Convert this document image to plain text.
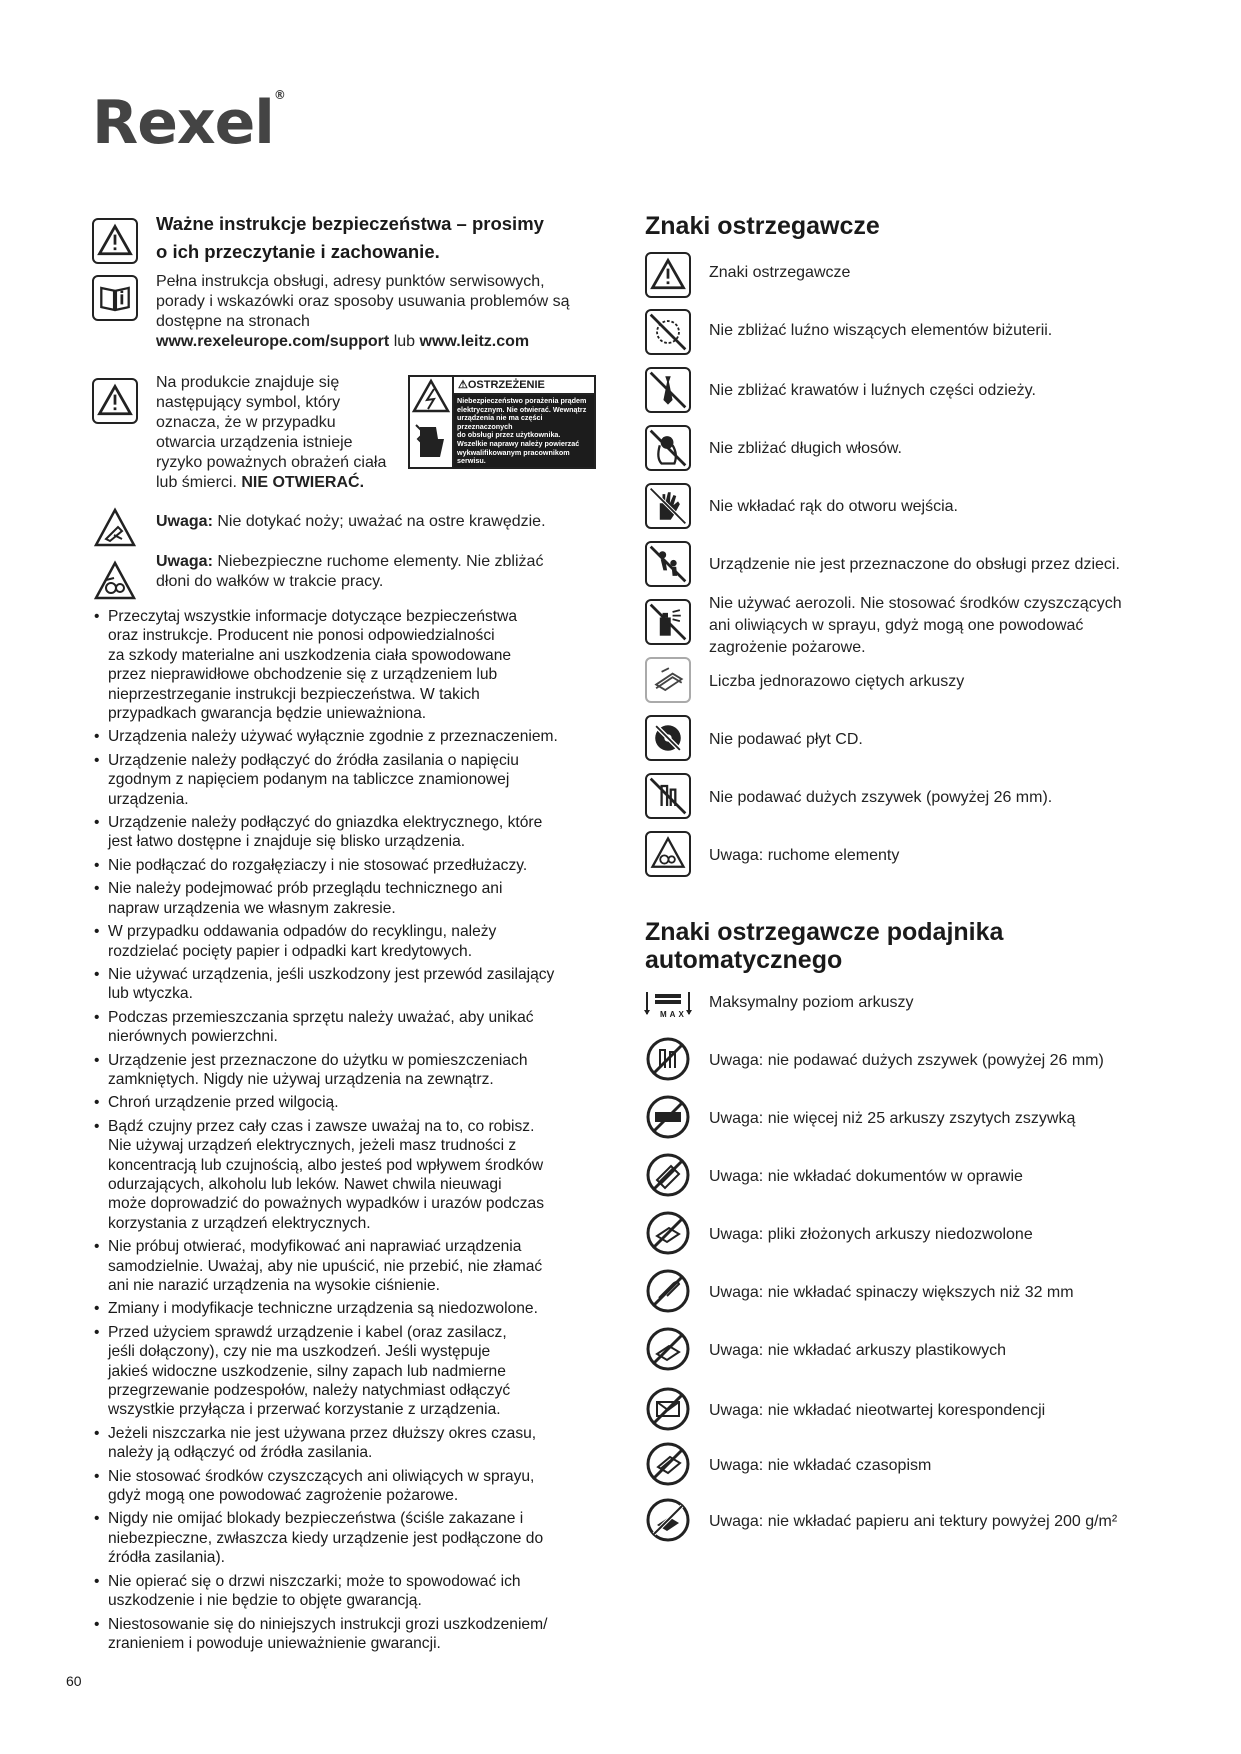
Rexel®
Ważne instrukcje bezpieczeństwa – prosimy
o ich przeczytanie i zachowanie.
Pełna instrukcja obsługi, adresy punktów serwisowych,
porady i wskazówki oraz sposoby usuwania problemów są
dostępne na stronach
www.rexeleurope.com/support lub www.leitz.com
Na produkcie znajduje się
następujący symbol, który
oznacza, że w przypadku
otwarcia urządzenia istnieje
ryzyko poważnych obrażeń ciała
lub śmierci. NIE OTWIERAĆ.
⚠OSTRZEŻENIE
Niebezpieczeństwo porażenia prądem
elektrycznym. Nie otwierać. Wewnątrz
urządzenia nie ma części przeznaczonych
do obsługi przez użytkownika.
Wszelkie naprawy należy powierzać
wykwalifikowanym pracownikom serwisu.
Uwaga: Nie dotykać noży; uważać na ostre krawędzie.
Uwaga: Niebezpieczne ruchome elementy. Nie zbliżać
dłoni do wałków w trakcie pracy.
• Przeczytaj wszystkie informacje dotyczące bezpieczeństwa
oraz instrukcje. Producent nie ponosi odpowiedzialności
za szkody materialne ani uszkodzenia ciała spowodowane
przez nieprawidłowe obchodzenie się z urządzeniem lub
nieprzestrzeganie instrukcji bezpieczeństwa. W takich
przypadkach gwarancja będzie unieważniona.
• Urządzenia należy używać wyłącznie zgodnie z przeznaczeniem.
• Urządzenie należy podłączyć do źródła zasilania o napięciu
zgodnym z napięciem podanym na tabliczce znamionowej
urządzenia.
• Urządzenie należy podłączyć do gniazdka elektrycznego, które
jest łatwo dostępne i znajduje się blisko urządzenia.
• Nie podłączać do rozgałęziaczy i nie stosować przedłużaczy.
• Nie należy podejmować prób przeglądu technicznego ani
napraw urządzenia we własnym zakresie.
• W przypadku oddawania odpadów do recyklingu, należy
rozdzielać pocięty papier i odpadki kart kredytowych.
• Nie używać urządzenia, jeśli uszkodzony jest przewód zasilający
lub wtyczka.
• Podczas przemieszczania sprzętu należy uważać, aby unikać
nierównych powierzchni.
• Urządzenie jest przeznaczone do użytku w pomieszczeniach
zamkniętych. Nigdy nie używaj urządzenia na zewnątrz.
• Chroń urządzenie przed wilgocią.
• Bądź czujny przez cały czas i zawsze uważaj na to, co robisz.
Nie używaj urządzeń elektrycznych, jeżeli masz trudności z
koncentracją lub czujnością, albo jesteś pod wpływem środków
odurzających, alkoholu lub leków. Nawet chwila nieuwagi
może doprowadzić do poważnych wypadków i urazów podczas
korzystania z urządzeń elektrycznych.
• Nie próbuj otwierać, modyfikować ani naprawiać urządzenia
samodzielnie. Uważaj, aby nie upuścić, nie przebić, nie złamać
ani nie narazić urządzenia na wysokie ciśnienie.
• Zmiany i modyfikacje techniczne urządzenia są niedozwolone.
• Przed użyciem sprawdź urządzenie i kabel (oraz zasilacz,
jeśli dołączony), czy nie ma uszkodzeń. Jeśli występuje
jakieś widoczne uszkodzenie, silny zapach lub nadmierne
przegrzewanie podzespołów, należy natychmiast odłączyć
wszystkie przyłącza i przerwać korzystanie z urządzenia.
• Jeżeli niszczarka nie jest używana przez dłuższy okres czasu,
należy ją odłączyć od źródła zasilania.
• Nie stosować środków czyszczących ani oliwiących w sprayu,
gdyż mogą one powodować zagrożenie pożarowe.
• Nigdy nie omijać blokady bezpieczeństwa (ściśle zakazane i
niebezpieczne, zwłaszcza kiedy urządzenie jest podłączone do
źródła zasilania).
• Nie opierać się o drzwi niszczarki; może to spowodować ich
uszkodzenie i nie będzie to objęte gwarancją.
• Niestosowanie się do niniejszych instrukcji grozi uszkodzeniem/
zranieniem i powoduje unieważnienie gwarancji.
60
Znaki ostrzegawcze
Znaki ostrzegawcze
Nie zbliżać luźno wiszących elementów biżuterii.
Nie zbliżać krawatów i luźnych części odzieży.
Nie zbliżać długich włosów.
Nie wkładać rąk do otworu wejścia.
Urządzenie nie jest przeznaczone do obsługi przez dzieci.
Nie używać aerozoli. Nie stosować środków czyszczących
ani oliwiących w sprayu, gdyż mogą one powodować
zagrożenie pożarowe.
Liczba jednorazowo ciętych arkuszy
Nie podawać płyt CD.
Nie podawać dużych zszywek (powyżej 26 mm).
Uwaga: ruchome elementy
Znaki ostrzegawcze podajnika
automatycznego
MAX
Maksymalny poziom arkuszy
Uwaga: nie podawać dużych zszywek (powyżej 26 mm)
Uwaga: nie więcej niż 25 arkuszy zszytych zszywką
Uwaga: nie wkładać dokumentów w oprawie
Uwaga: pliki złożonych arkuszy niedozwolone
Uwaga: nie wkładać spinaczy większych niż 32 mm
Uwaga: nie wkładać arkuszy plastikowych
Uwaga: nie wkładać nieotwartej korespondencji
Uwaga: nie wkładać czasopism
Uwaga: nie wkładać papieru ani tektury powyżej 200 g/m²
